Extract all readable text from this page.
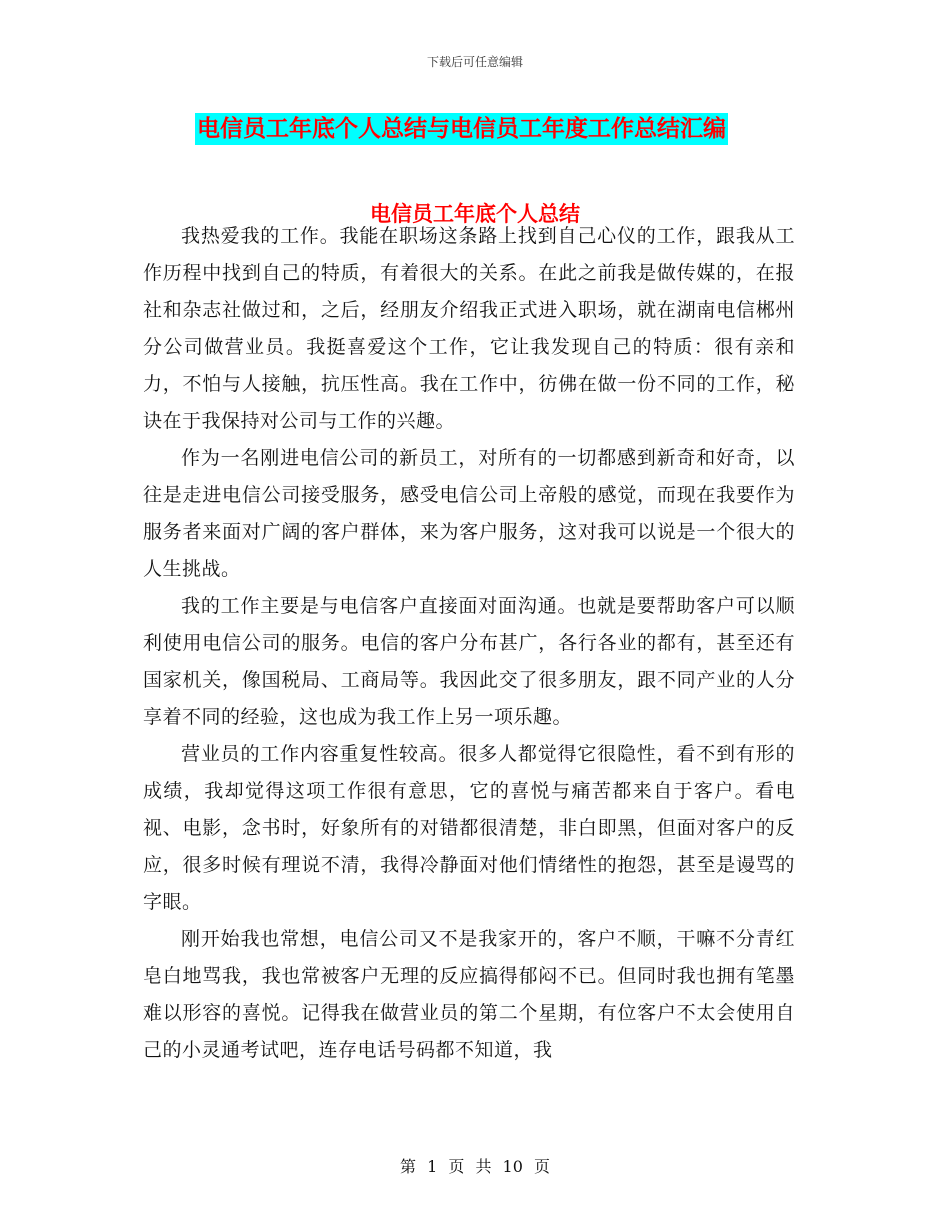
下载后可任意编辑
电信员工年底个人总结与电信员工年度工作总结汇编
电信员工年底个人总结

我热爱我的工作。我能在职场这条路上找到自己心仪的工作，跟我从工作历程中找到自己的特质，有着很大的关系。在此之前我是做传媒的，在报社和杂志社做过和，之后，经朋友介绍我正式进入职场，就在湖南电信郴州分公司做营业员。我挺喜爱这个工作，它让我发现自己的特质：很有亲和力，不怕与人接触，抗压性高。我在工作中，彷佛在做一份不同的工作，秘诀在于我保持对公司与工作的兴趣。

作为一名刚进电信公司的新员工，对所有的一切都感到新奇和好奇，以往是走进电信公司接受服务，感受电信公司上帝般的感觉，而现在我要作为服务者来面对广阔的客户群体，来为客户服务，这对我可以说是一个很大的人生挑战。

我的工作主要是与电信客户直接面对面沟通。也就是要帮助客户可以顺利使用电信公司的服务。电信的客户分布甚广，各行各业的都有，甚至还有国家机关，像国税局、工商局等。我因此交了很多朋友，跟不同产业的人分享着不同的经验，这也成为我工作上另一项乐趣。

营业员的工作内容重复性较高。很多人都觉得它很隐性，看不到有形的成绩，我却觉得这项工作很有意思，它的喜悦与痛苦都来自于客户。看电视、电影，念书时，好象所有的对错都很清楚，非白即黑，但面对客户的反应，很多时候有理说不清，我得冷静面对他们情绪性的抱怨，甚至是谩骂的字眼。

刚开始我也常想，电信公司又不是我家开的，客户不顺，干嘛不分青红皂白地骂我，我也常被客户无理的反应搞得郁闷不已。但同时我也拥有笔墨难以形容的喜悦。记得我在做营业员的第二个星期，有位客户不太会使用自己的小灵通考试吧，连存电话号码都不知道，我

第 1 页 共 10 页
